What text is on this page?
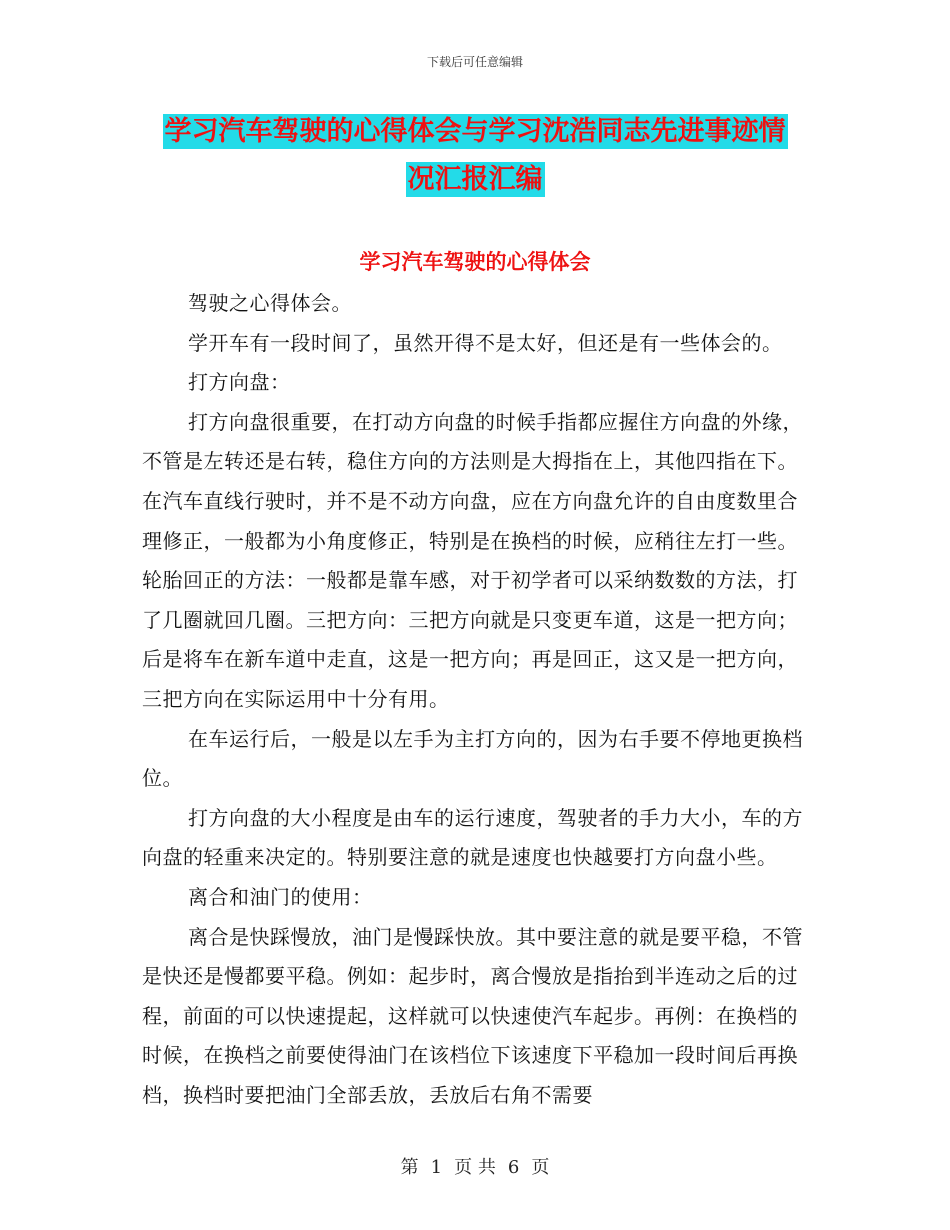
下载后可任意编辑
学习汽车驾驶的心得体会与学习沈浩同志先进事迹情
况汇报汇编
学习汽车驾驶的心得体会

驾驶之心得体会。

学开车有一段时间了，虽然开得不是太好，但还是有一些体会的。

打方向盘：

打方向盘很重要，在打动方向盘的时候手指都应握住方向盘的外缘，不管是左转还是右转，稳住方向的方法则是大拇指在上，其他四指在下。在汽车直线行驶时，并不是不动方向盘，应在方向盘允许的自由度数里合理修正，一般都为小角度修正，特别是在换档的时候，应稍往左打一些。轮胎回正的方法：一般都是靠车感，对于初学者可以采纳数数的方法，打了几圈就回几圈。三把方向：三把方向就是只变更车道，这是一把方向；后是将车在新车道中走直，这是一把方向；再是回正，这又是一把方向，三把方向在实际运用中十分有用。

在车运行后，一般是以左手为主打方向的，因为右手要不停地更换档位。

打方向盘的大小程度是由车的运行速度，驾驶者的手力大小，车的方向盘的轻重来决定的。特别要注意的就是速度也快越要打方向盘小些。

离合和油门的使用：

离合是快踩慢放，油门是慢踩快放。其中要注意的就是要平稳，不管是快还是慢都要平稳。例如：起步时，离合慢放是指抬到半连动之后的过程，前面的可以快速提起，这样就可以快速使汽车起步。再例：在换档的时候，在换档之前要使得油门在该档位下该速度下平稳加一段时间后再换档，换档时要把油门全部丢放，丢放后右角不需要

第 1 页 共 6 页
